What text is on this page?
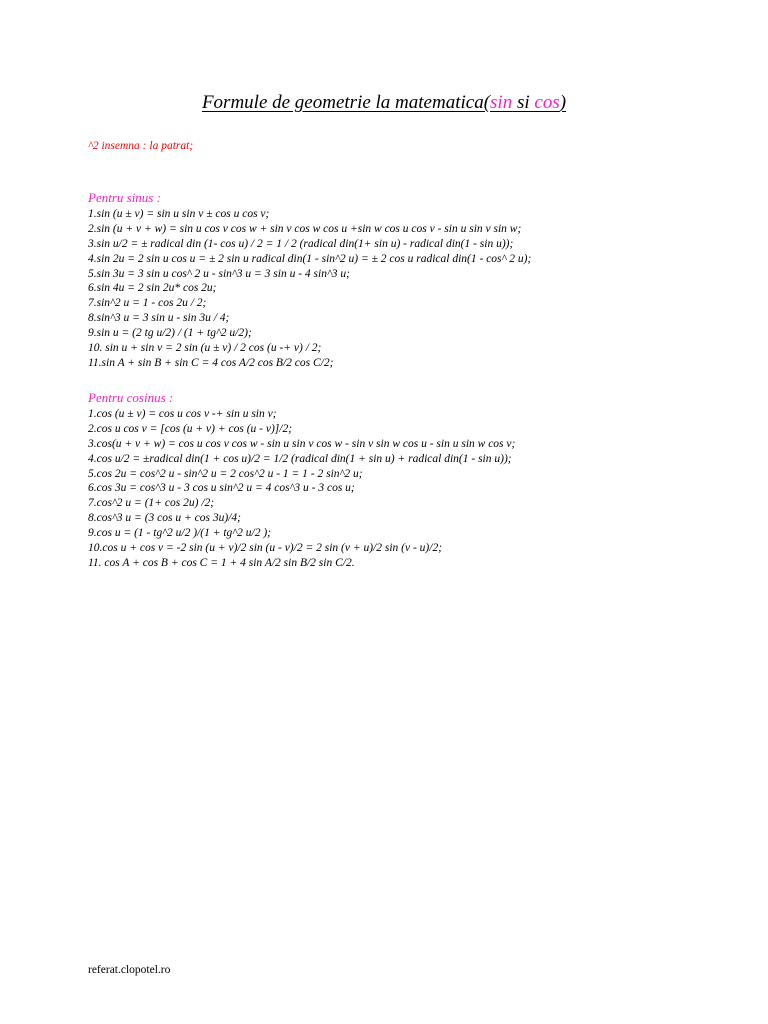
Formule de geometrie la matematica(sin si cos)
^2 insemna : la patrat;
Pentru sinus :
1.sin (u ± v) = sin u sin v ± cos u cos v;
2.sin (u + v + w) = sin u cos v cos w + sin v cos w cos u +sin w cos u cos v - sin u sin v sin w;
3.sin u/2 = ± radical din (1- cos u) / 2 = 1 / 2 (radical din(1+ sin u) - radical din(1 - sin u));
4.sin 2u = 2 sin u cos u = ± 2 sin u radical din(1 - sin^2 u) = ± 2 cos u radical din(1 - cos^ 2 u);
5.sin 3u = 3 sin u cos^ 2 u - sin^3 u = 3 sin u - 4 sin^3 u;
6.sin 4u = 2 sin 2u* cos 2u;
7.sin^2 u = 1 - cos 2u / 2;
8.sin^3 u = 3 sin u - sin 3u / 4;
9.sin u = (2 tg u/2) / (1 + tg^2 u/2);
10. sin u + sin v = 2 sin (u ± v) / 2 cos (u -+ v) / 2;
11.sin A + sin B + sin C = 4 cos A/2 cos B/2 cos C/2;
Pentru cosinus :
1.cos (u ± v) = cos u cos v -+ sin u sin v;
2.cos u cos v = [cos (u + v) + cos (u - v)]/2;
3.cos(u + v + w) = cos u cos v cos w - sin u sin v cos w - sin v sin w cos u - sin u sin w cos v;
4.cos u/2 = ±radical din(1 + cos u)/2 = 1/2 (radical din(1 + sin u) + radical din(1 - sin u));
5.cos 2u = cos^2 u - sin^2 u = 2 cos^2 u - 1 = 1 - 2 sin^2 u;
6.cos 3u = cos^3 u - 3 cos u sin^2 u = 4 cos^3 u - 3 cos u;
7.cos^2 u = (1+ cos 2u) /2;
8.cos^3 u = (3 cos u + cos 3u)/4;
9.cos u = (1 - tg^2 u/2 )/(1 + tg^2 u/2 );
10.cos u + cos v = -2 sin (u + v)/2 sin (u - v)/2 = 2 sin (v + u)/2 sin (v - u)/2;
11. cos A + cos B + cos C = 1 + 4 sin A/2 sin B/2 sin C/2.
referat.clopotel.ro
